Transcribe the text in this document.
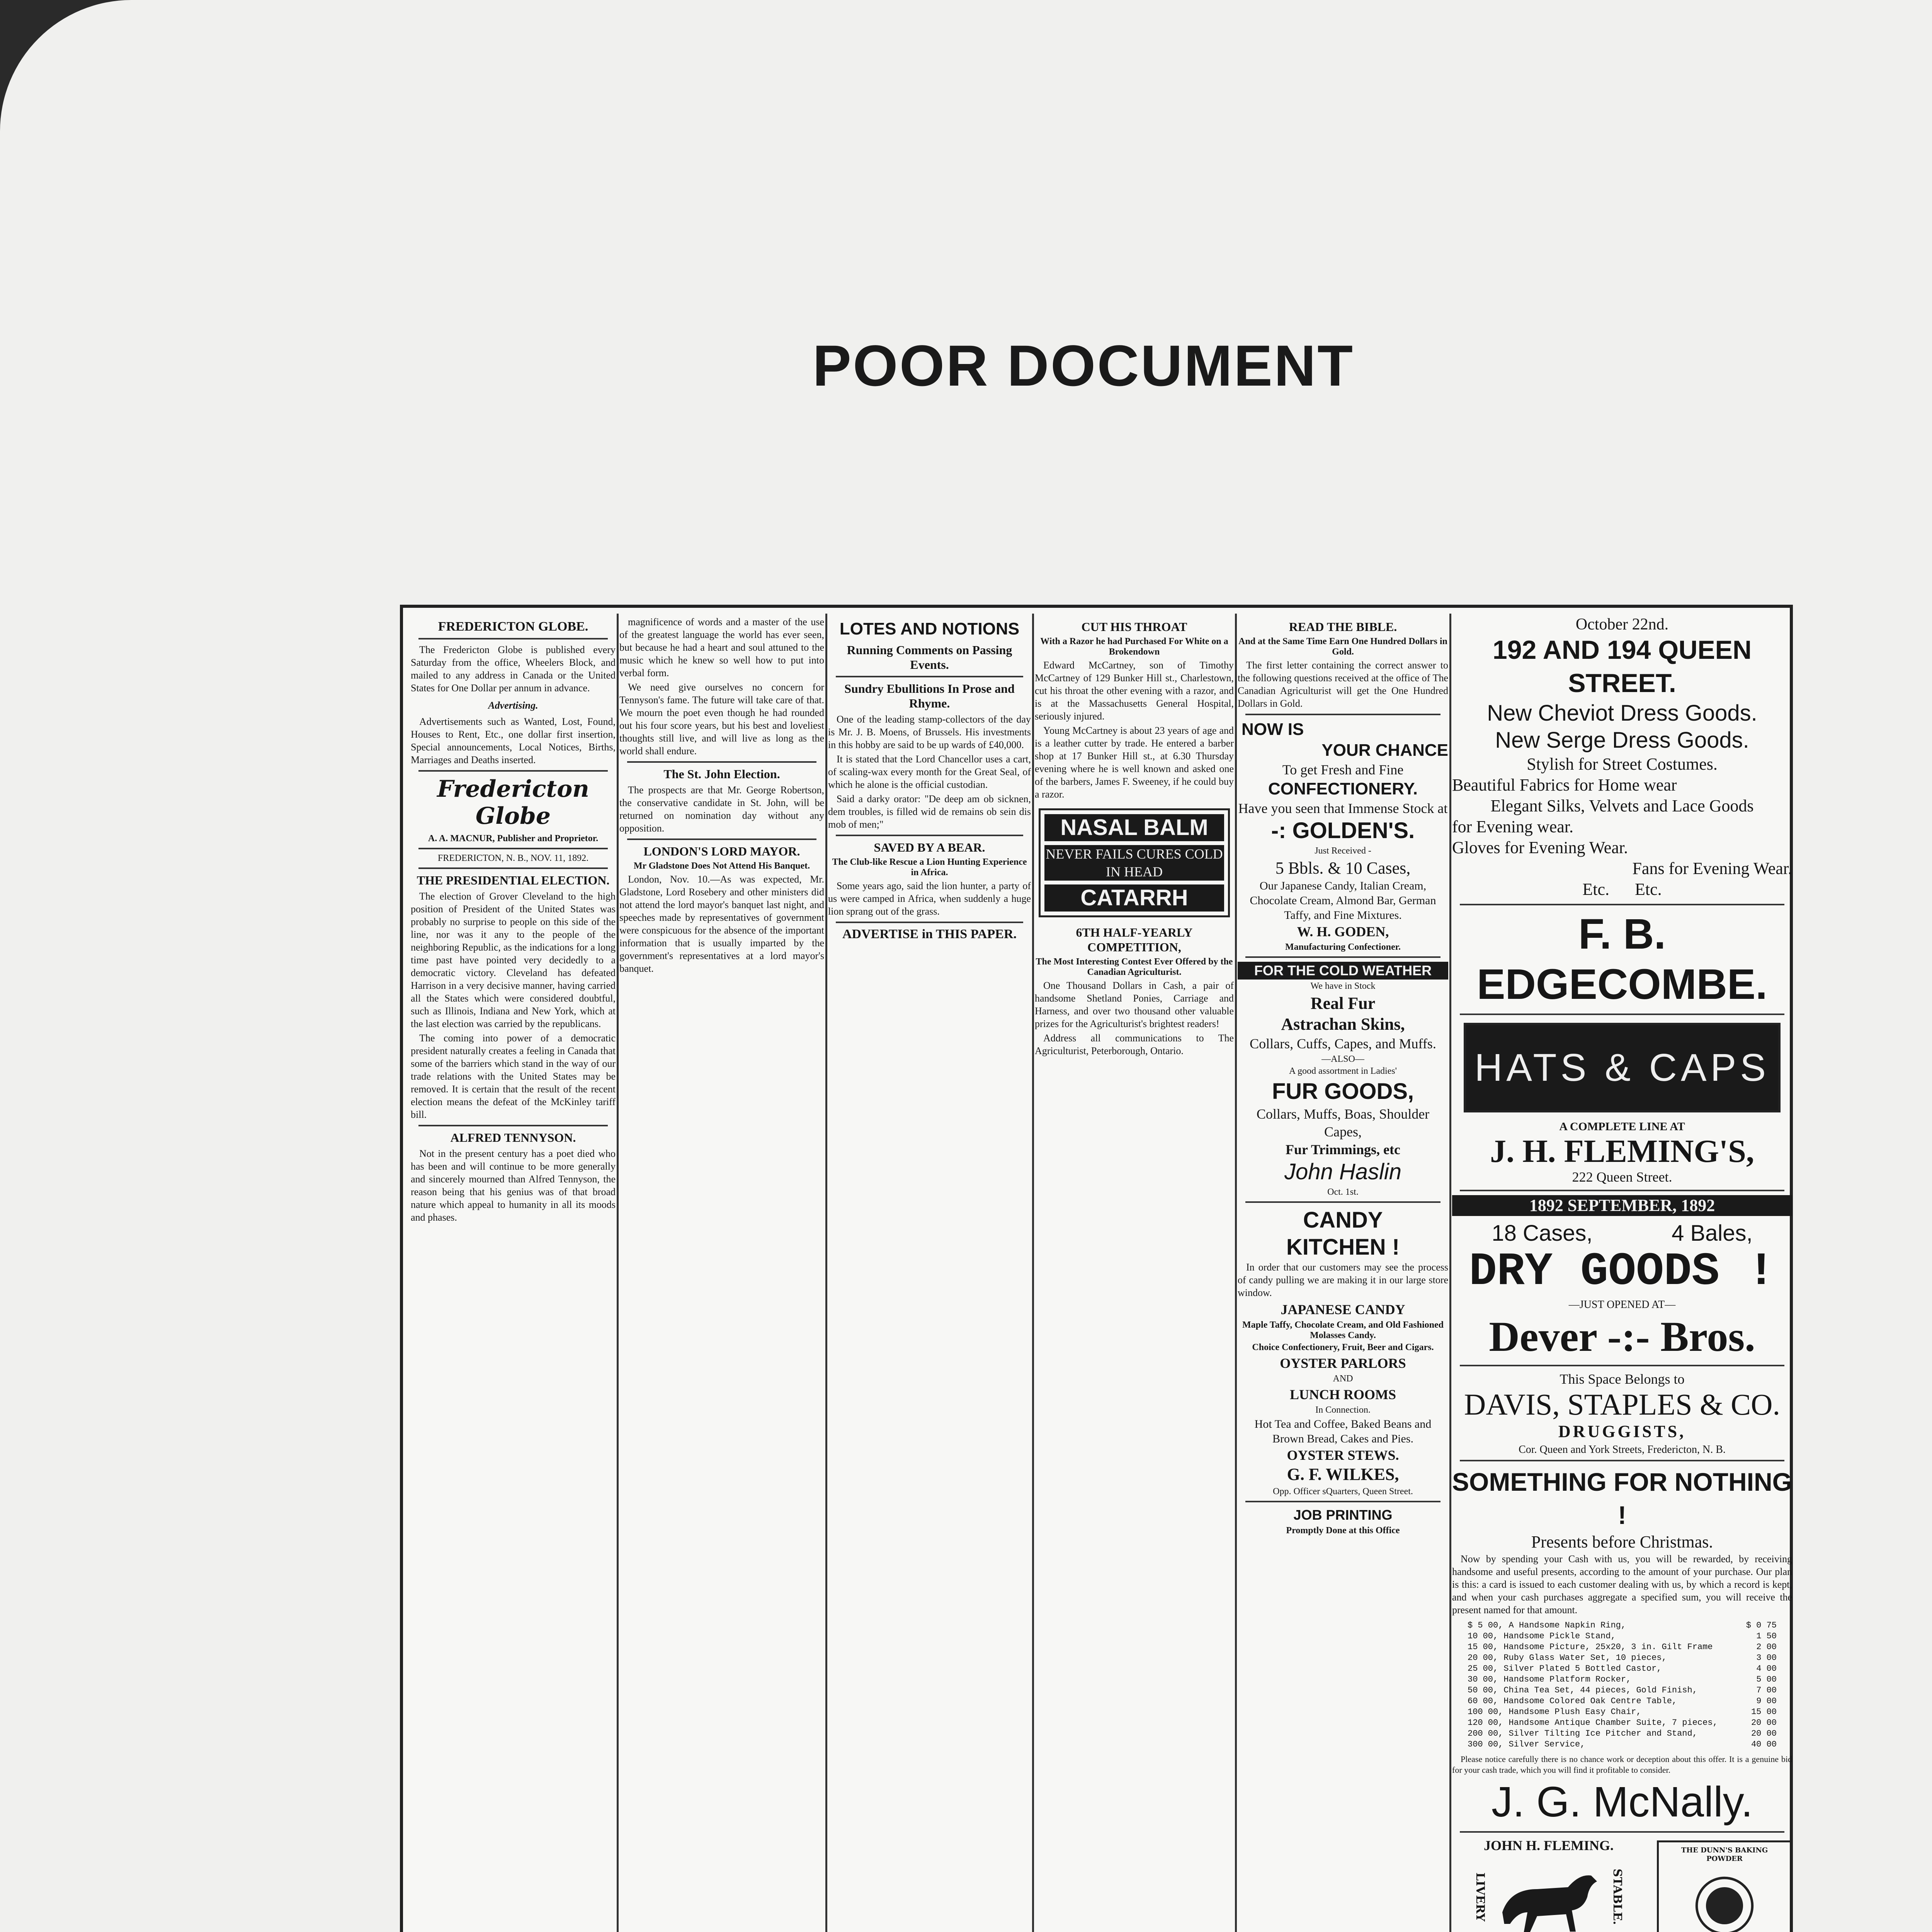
POOR DOCUMENT
FREDERICTON GLOBE.

The Fredericton Globe is published every Saturday from the office, Wheelers Block, and mailed to any address in Canada or the United States for One Dollar per annum in advance.

Advertising.

Advertisements such as Wanted, Lost, Found, Houses to Rent, Etc., one dollar first insertion, Special announcements, Local Notices, Births, Marriages and Deaths inserted.

Fredericton Globe
A. A. MACNUR, Publisher and Proprietor.
FREDERICTON, N. B., NOV. 11, 1892.
THE PRESIDENTIAL ELECTION.

The election of Grover Cleveland to the high position of President of the United States was probably no surprise to people on this side of the line, nor was it any to the people of the neighboring Republic, as the indications for a long time past have pointed very decidedly to a democratic victory. Cleveland has defeated Harrison in a very decisive manner, having carried all the States which were considered doubtful, such as Illinois, Indiana and New York, which at the last election was carried by the republicans.

The coming into power of a democratic president naturally creates a feeling in Canada that some of the barriers which stand in the way of our trade relations with the United States may be removed. It is certain that the result of the recent election means the defeat of the McKinley tariff bill.

ALFRED TENNYSON.

Not in the present century has a poet died who has been and will continue to be more generally and sincerely mourned than Alfred Tennyson, the reason being that his genius was of that broad nature which appeal to humanity in all its moods and phases.

magnificence of words and a master of the use of the greatest language the world has ever seen, but because he had a heart and soul attuned to the music which he knew so well how to put into verbal form.

We need give ourselves no concern for Tennyson's fame. The future will take care of that. We mourn the poet even though he had rounded out his four score years, but his best and loveliest thoughts still live, and will live as long as the world shall endure.

The St. John Election.

The prospects are that Mr. George Robertson, the conservative candidate in St. John, will be returned on nomination day without any opposition.

LONDON'S LORD MAYOR.
Mr Gladstone Does Not Attend His Banquet.

London, Nov. 10.—As was expected, Mr. Gladstone, Lord Rosebery and other ministers did not attend the lord mayor's banquet last night, and speeches made by representatives of government were conspicuous for the absence of the important information that is usually imparted by the government's representatives at a lord mayor's banquet.

LOTES AND NOTIONS
Running Comments on Passing Events.
Sundry Ebullitions In Prose and Rhyme.

One of the leading stamp-collectors of the day is Mr. J. B. Moens, of Brussels. His investments in this hobby are said to be up wards of £40,000.

It is stated that the Lord Chancellor uses a cart, of scaling-wax every month for the Great Seal, of which he alone is the official custodian.

Said a darky orator: "De deep am ob sicknen, dem troubles, is filled wid de remains ob sein dis mob of men;"

SAVED BY A BEAR.
The Club-like Rescue a Lion Hunting Experience in Africa.

Some years ago, said the lion hunter, a party of us were camped in Africa, when suddenly a huge lion sprang out of the grass.

ADVERTISE in THIS PAPER.
CUT HIS THROAT
With a Razor he had Purchased For White on a Brokendown

Edward McCartney, son of Timothy McCartney of 129 Bunker Hill st., Charlestown, cut his throat the other evening with a razor, and is at the Massachusetts General Hospital, seriously injured.

Young McCartney is about 23 years of age and is a leather cutter by trade. He entered a barber shop at 17 Bunker Hill st., at 6.30 Thursday evening where he is well known and asked one of the barbers, James F. Sweeney, if he could buy a razor.

NASAL BALM
NEVER FAILS CURES COLD IN HEAD
CATARRH
6TH HALF-YEARLY COMPETITION,
The Most Interesting Contest Ever Offered by the Canadian Agriculturist.

One Thousand Dollars in Cash, a pair of handsome Shetland Ponies, Carriage and Harness, and over two thousand other valuable prizes for the Agriculturist's brightest readers!

Address all communications to The Agriculturist, Peterborough, Ontario.

READ THE BIBLE.
And at the Same Time Earn One Hundred Dollars in Gold.

The first letter containing the correct answer to the following questions received at the office of The Canadian Agriculturist will get the One Hundred Dollars in Gold.

NOW IS
YOUR CHANCE
To get Fresh and Fine
CONFECTIONERY.
Have you seen that Immense Stock at
-: GOLDEN'S.
Just Received -
5 Bbls. & 10 Cases,
Our Japanese Candy, Italian Cream, Chocolate Cream, Almond Bar, German Taffy, and Fine Mixtures.
W. H. GODEN,
Manufacturing Confectioner.
FOR THE COLD WEATHER
We have in Stock
Real Fur
Astrachan Skins,
Collars, Cuffs, Capes, and Muffs.
—ALSO—
A good assortment in Ladies'
FUR GOODS,
Collars, Muffs, Boas, Shoulder Capes,
Fur Trimmings, etc
John Haslin
Oct. 1st.
CANDY
KITCHEN !

In order that our customers may see the process of candy pulling we are making it in our large store window.

JAPANESE CANDY
Maple Taffy, Chocolate Cream, and Old Fashioned Molasses Candy.
Choice Confectionery, Fruit, Beer and Cigars.
OYSTER PARLORS
AND
LUNCH ROOMS
In Connection.
Hot Tea and Coffee, Baked Beans and Brown Bread, Cakes and Pies.
OYSTER STEWS.
G. F. WILKES,
Opp. Officer sQuarters, Queen Street.
JOB PRINTING
Promptly Done at this Office
October 22nd.
192 AND 194 QUEEN STREET.
New Cheviot Dress Goods.
New Serge Dress Goods.
Stylish for Street Costumes.
Beautiful Fabrics for Home wear
Elegant Silks, Velvets and Lace Goods
for Evening wear.
Gloves for Evening Wear.
Fans for Evening Wear.
Etc. Etc.
F. B. EDGECOMBE.
HATS & CAPS
A COMPLETE LINE AT
J. H. FLEMING'S,
222 Queen Street.
1892 SEPTEMBER, 1892
18 Cases,	4 Bales,
DRY GOODS !
—JUST OPENED AT—
Dever -:- Bros.
This Space Belongs to
DAVIS, STAPLES & CO.
DRUGGISTS,
Cor. Queen and York Streets, Fredericton, N. B.
SOMETHING FOR NOTHING !
Presents before Christmas.

Now by spending your Cash with us, you will be rewarded, by receiving handsome and useful presents, according to the amount of your purchase. Our plan is this: a card is issued to each customer dealing with us, by which a record is kept, and when your cash purchases aggregate a specified sum, you will receive the present named for that amount.

$ 5 00, A Handsome Napkin Ring,	$ 0 75
10 00, Handsome Pickle Stand,	1 50
15 00, Handsome Picture, 25x20, 3 in. Gilt Frame	2 00
20 00, Ruby Glass Water Set, 10 pieces,	3 00
25 00, Silver Plated 5 Bottled Castor,	4 00
30 00, Handsome Platform Rocker,	5 00
50 00, China Tea Set, 44 pieces, Gold Finish,	7 00
60 00, Handsome Colored Oak Centre Table,	9 00
100 00, Handsome Plush Easy Chair,	15 00
120 00, Handsome Antique Chamber Suite, 7 pieces,	20 00
200 00, Silver Tilting Ice Pitcher and Stand,	20 00
300 00, Silver Service,	40 00

Please notice carefully there is no chance work or deception about this offer. It is a genuine bid for your cash trade, which you will find it profitable to consider.

J. G. McNally.
JOHN H. FLEMING.
LIVERY	STABLE.
THE DUNN'S BAKING POWDER
